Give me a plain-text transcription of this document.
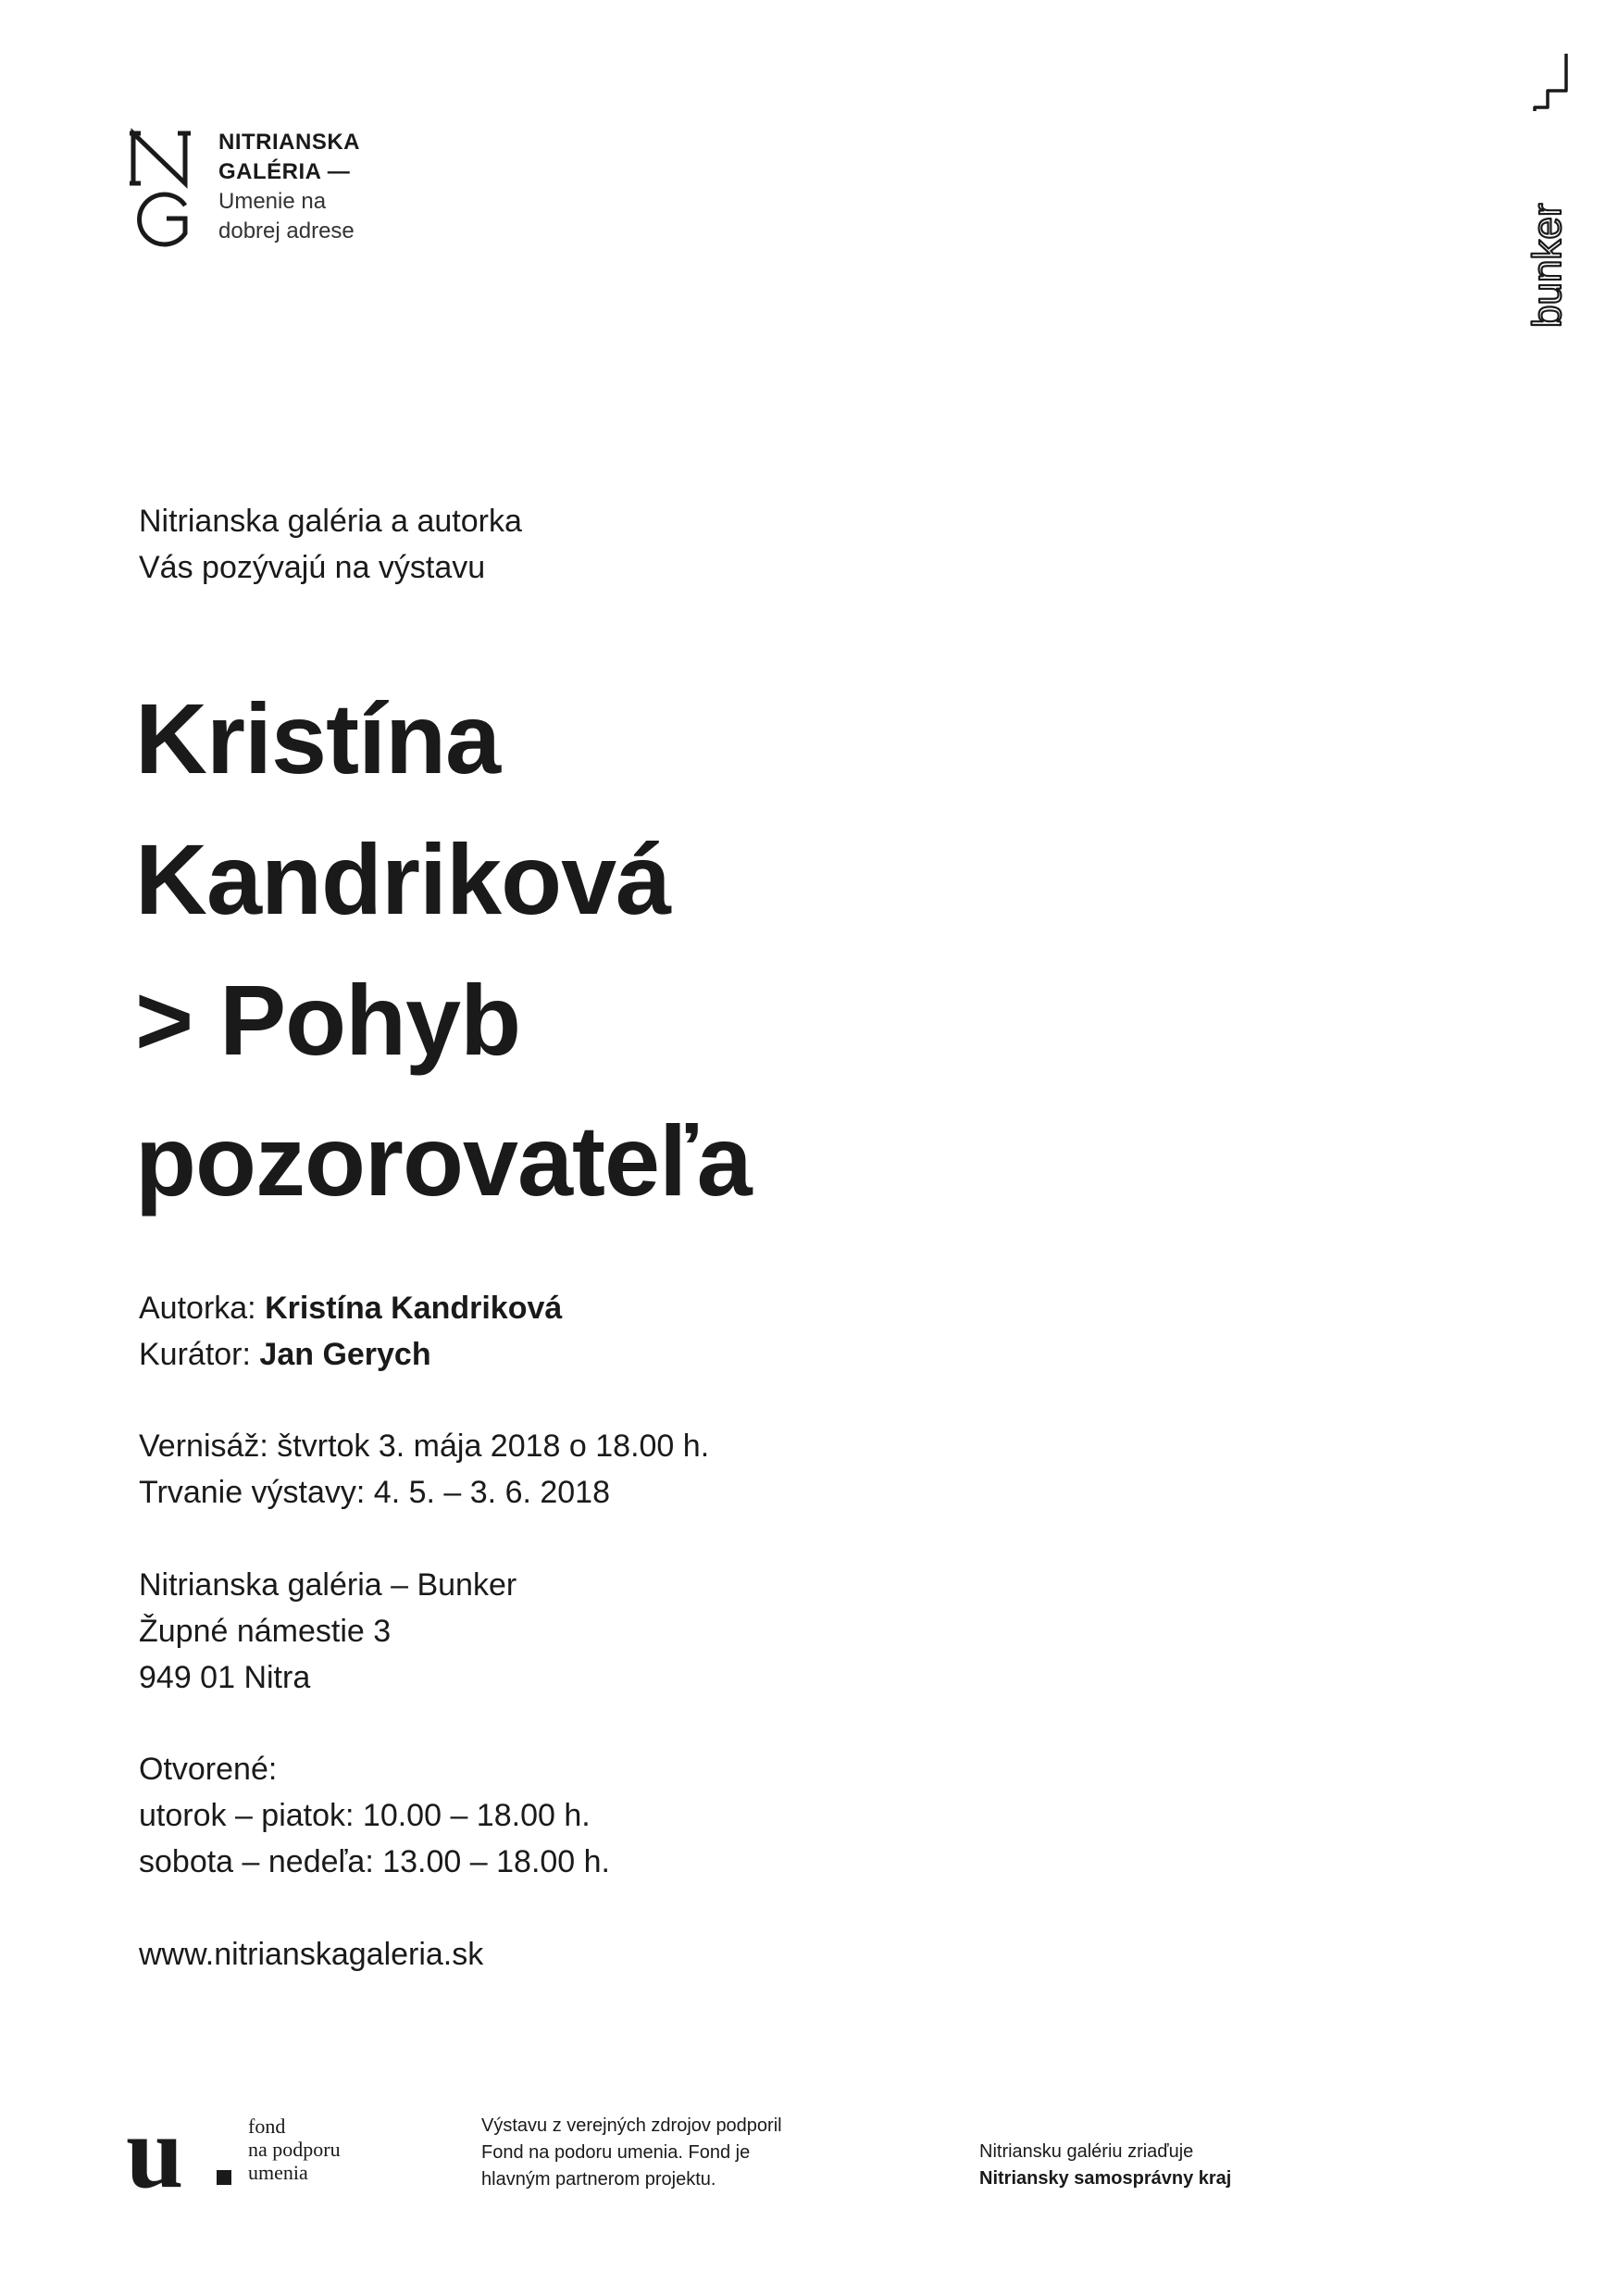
NITRIANSKA
GALÉRIA —
Umenie na
dobrej adrese	bunker
Nitrianska galéria a autorka
Vás pozývajú na výstavu
Kristína
Kandriková
> Pohyb
pozorovateľa
Autorka: Kristína Kandriková
Kurátor: Jan Gerych
Vernisáž: štvrtok 3. mája 2018 o 18.00 h.
Trvanie výstavy: 4. 5. – 3. 6. 2018
Nitrianska galéria – Bunker
Župné námestie 3
949 01 Nitra
Otvorené:
utorok – piatok: 10.00 – 18.00 h.
sobota – nedeľa: 13.00 – 18.00 h.
www.nitrianskagaleria.sk
u	fond
na podporu
umenia
Výstavu z verejných zdrojov podporil
Fond na podoru umenia. Fond je
hlavným partnerom projektu.
Nitriansku galériu zriaďuje
Nitriansky samosprávny kraj
